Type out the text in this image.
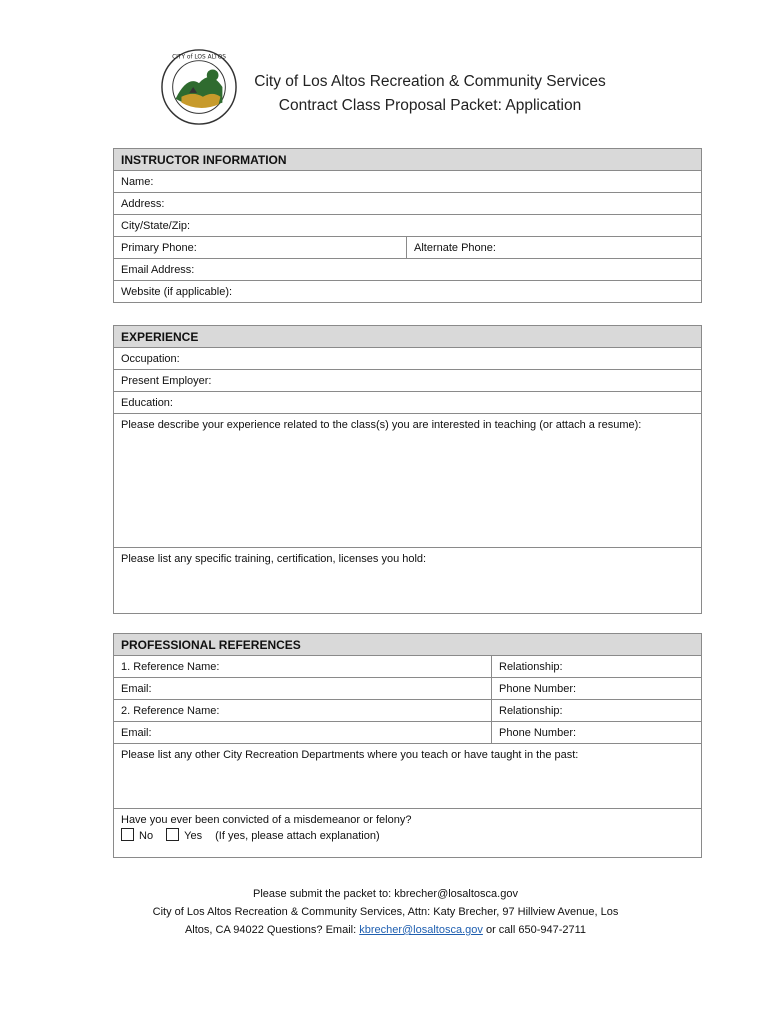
CITY of LOS ALTOS
City of Los Altos Recreation & Community Services
Contract Class Proposal Packet: Application
INSTRUCTOR INFORMATION
Name:
Address:
City/State/Zip:
Primary Phone:	Alternate Phone:
Email Address:
Website (if applicable):
EXPERIENCE
Occupation:
Present Employer:
Education:
Please describe your experience related to the class(s) you are interested in teaching (or attach a resume):
Please list any specific training, certification, licenses you hold:
PROFESSIONAL REFERENCES	
1. Reference Name:	Relationship:
Email:	Phone Number:
2. Reference Name:	Relationship:
Email:	Phone Number:
Please list any other City Recreation Departments where you teach or have taught in the past:	

Have you ever been convicted of a misdemeanor or felony?
No Yes (If yes, please attach explanation)	
Please submit the packet to: kbrecher@losaltosca.gov
City of Los Altos Recreation & Community Services, Attn: Katy Brecher, 97 Hillview Avenue, Los
Altos, CA 94022 Questions? Email: kbrecher@losaltosca.gov or call 650-947-2711
